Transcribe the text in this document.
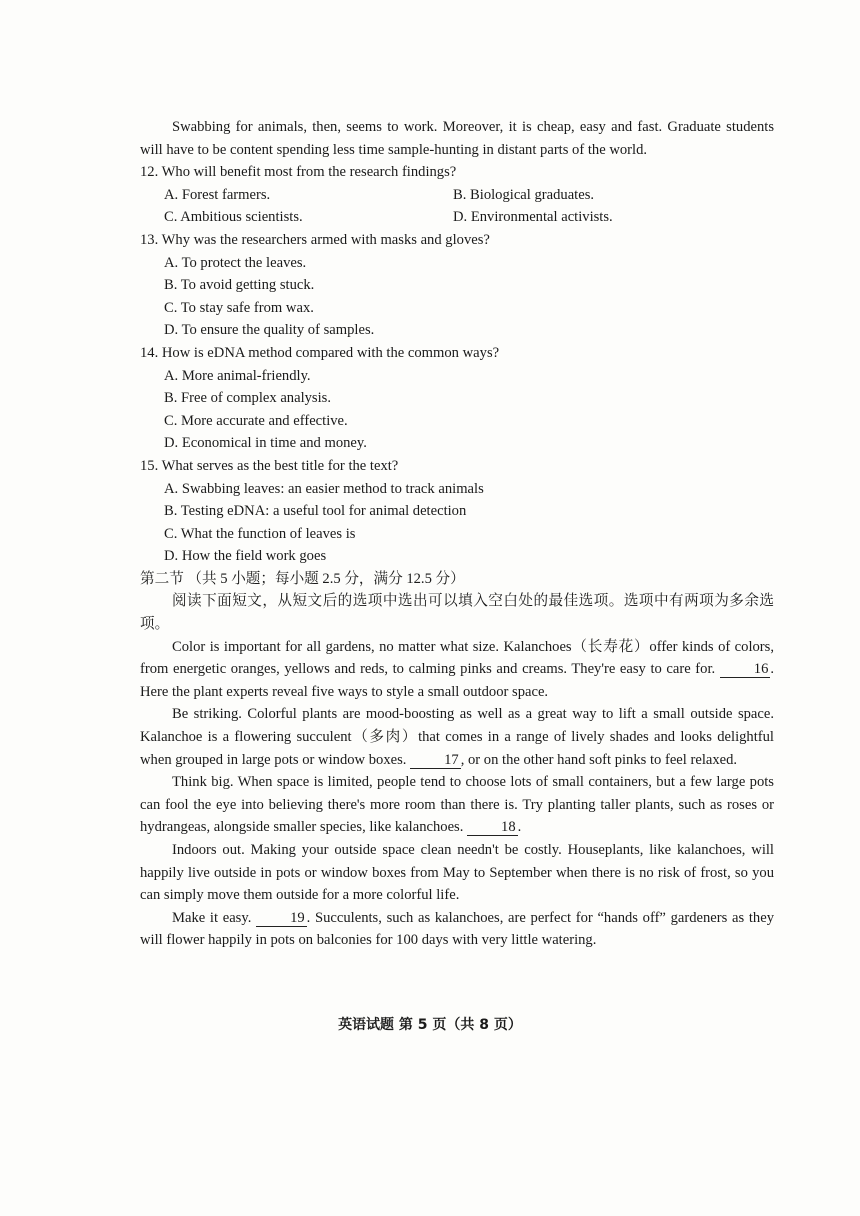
Swabbing for animals, then, seems to work. Moreover, it is cheap, easy and fast. Graduate students will have to be content spending less time sample-hunting in distant parts of the world.

12. Who will benefit most from the research findings?

A. Forest farmers.	B. Biological graduates.
C. Ambitious scientists.	D. Environmental activists.

13. Why was the researchers armed with masks and gloves?

A. To protect the leaves.

B. To avoid getting stuck.

C. To stay safe from wax.

D. To ensure the quality of samples.

14. How is eDNA method compared with the common ways?

A. More animal-friendly.

B. Free of complex analysis.

C. More accurate and effective.

D. Economical in time and money.

15. What serves as the best title for the text?

A. Swabbing leaves: an easier method to track animals

B. Testing eDNA: a useful tool for animal detection

C. What the function of leaves is

D. How the field work goes

第二节 （共 5 小题；每小题 2.5 分，满分 12.5 分）

阅读下面短文，从短文后的选项中选出可以填入空白处的最佳选项。选项中有两项为多余选项。

Color is important for all gardens, no matter what size. Kalanchoes（长寿花）offer kinds of colors, from energetic oranges, yellows and reds, to calming pinks and creams. They're easy to care for.	16 . Here the plant experts reveal five ways to style a small outdoor space.

Be striking. Colorful plants are mood-boosting as well as a great way to lift a small outside space. Kalanchoe is a flowering succulent（多肉）that comes in a range of lively shades and looks delightful when grouped in large pots or window boxes.	17 , or on the other hand soft pinks to feel relaxed.

Think big. When space is limited, people tend to choose lots of small containers, but a few large pots can fool the eye into believing there's more room than there is. Try planting taller plants, such as roses or hydrangeas, alongside smaller species, like kalanchoes.	18 .

Indoors out. Making your outside space clean needn't be costly. Houseplants, like kalanchoes, will happily live outside in pots or window boxes from May to September when there is no risk of frost, so you can simply move them outside for a more colorful life.

Make it easy.	19 . Succulents, such as kalanchoes, are perfect for “hands off” gardeners as they will flower happily in pots on balconies for 100 days with very little watering.

英语试题 第 5 页（共 8 页）
